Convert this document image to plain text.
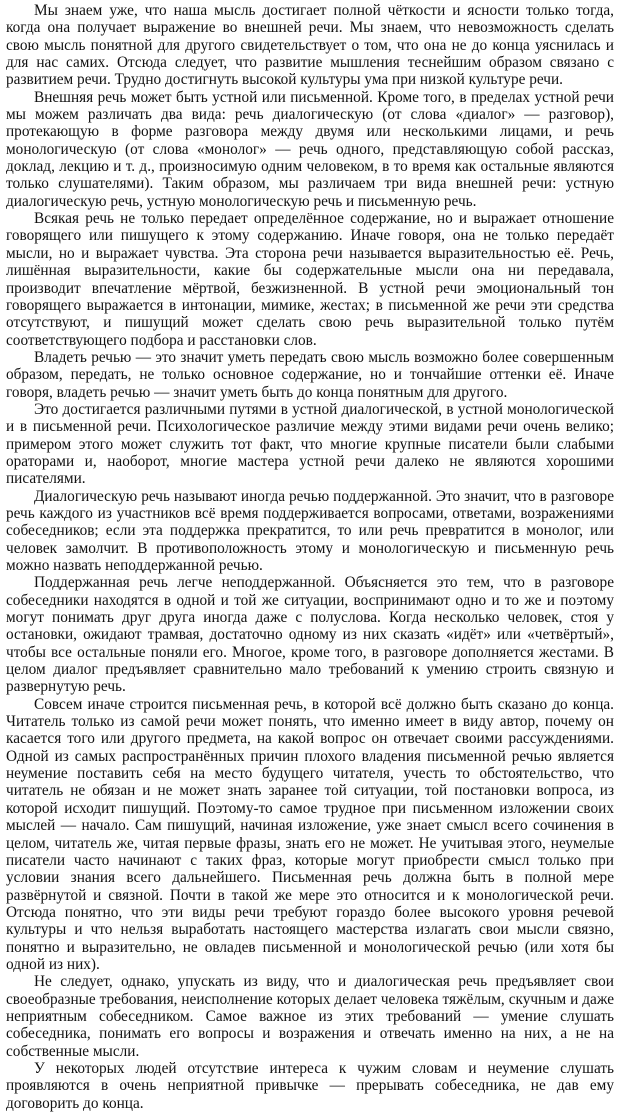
Мы знаем уже, что наша мысль достигает полной чёткости и ясности только тогда, когда она получает выражение во внешней речи. Мы знаем, что невозможность сделать свою мысль понятной для другого свидетельствует о том, что она не до конца уяснилась и для нас самих. Отсюда следует, что развитие мышления теснейшим образом связано с развитием речи. Трудно достигнуть высокой культуры ума при низкой культуре речи.

Внешняя речь может быть устной или письменной. Кроме того, в пределах устной речи мы можем различать два вида: речь диалогическую (от слова «диалог» — разговор), протекающую в форме разговора между двумя или несколькими лицами, и речь монологическую (от слова «монолог» — речь одного, представляющую собой рассказ, доклад, лекцию и т. д., произносимую одним человеком, в то время как остальные являются только слушателями). Таким образом, мы различаем три вида внешней речи: устную диалогическую речь, устную монологическую речь и письменную речь.

Всякая речь не только передает определённое содержание, но и выражает отношение говорящего или пишущего к этому содержанию. Иначе говоря, она не только передаёт мысли, но и выражает чувства. Эта сторона речи называется выразительностью её. Речь, лишённая выразительности, какие бы содержательные мысли она ни передавала, производит впечатление мёртвой, безжизненной. В устной речи эмоциональный тон говорящего выражается в интонации, мимике, жестах; в письменной же речи эти средства отсутствуют, и пишущий может сделать свою речь выразительной только путём соответствующего подбора и расстановки слов.

Владеть речью — это значит уметь передать свою мысль возможно более совершенным образом, передать, не только основное содержание, но и тончайшие оттенки её. Иначе говоря, владеть речью — значит уметь быть до конца понятным для другого.

Это достигается различными путями в устной диалогической, в устной монологической и в письменной речи. Психологическое различие между этими видами речи очень велико; примером этого может служить тот факт, что многие крупные писатели были слабыми ораторами и, наоборот, многие мастера устной речи далеко не являются хорошими писателями.

Диалогическую речь называют иногда речью поддержанной. Это значит, что в разговоре речь каждого из участников всё время поддерживается вопросами, ответами, возражениями собеседников; если эта поддержка прекратится, то или речь превратится в монолог, или человек замолчит. В противоположность этому и монологическую и письменную речь можно назвать неподдержанной речью.

Поддержанная речь легче неподдержанной. Объясняется это тем, что в разговоре собеседники находятся в одной и той же ситуации, воспринимают одно и то же и поэтому могут понимать друг друга иногда даже с полуслова. Когда несколько человек, стоя у остановки, ожидают трамвая, достаточно одному из них сказать «идёт» или «четвёртый», чтобы все остальные поняли его. Многое, кроме того, в разговоре дополняется жестами. В целом диалог предъявляет сравнительно мало требований к умению строить связную и развернутую речь.

Совсем иначе строится письменная речь, в которой всё должно быть сказано до конца. Читатель только из самой речи может понять, что именно имеет в виду автор, почему он касается того или другого предмета, на какой вопрос он отвечает своими рассуждениями. Одной из самых распространённых причин плохого владения письменной речью является неумение поставить себя на место будущего читателя, учесть то обстоятельство, что читатель не обязан и не может знать заранее той ситуации, той постановки вопроса, из которой исходит пишущий. Поэтому-то самое трудное при письменном изложении своих мыслей — начало. Сам пишущий, начиная изложение, уже знает смысл всего сочинения в целом, читатель же, читая первые фразы, знать его не может. Не учитывая этого, неумелые писатели часто начинают с таких фраз, которые могут приобрести смысл только при условии знания всего дальнейшего. Письменная речь должна быть в полной мере развёрнутой и связной. Почти в такой же мере это относится и к монологической речи. Отсюда понятно, что эти виды речи требуют гораздо более высокого уровня речевой культуры и что нельзя выработать настоящего мастерства излагать свои мысли связно, понятно и выразительно, не овладев письменной и монологической речью (или хотя бы одной из них).

Не следует, однако, упускать из виду, что и диалогическая речь предъявляет свои своеобразные требования, неисполнение которых делает человека тяжёлым, скучным и даже неприятным собеседником. Самое важное из этих требований — умение слушать собеседника, понимать его вопросы и возражения и отвечать именно на них, а не на собственные мысли.

У некоторых людей отсутствие интереса к чужим словам и неумение слушать проявляются в очень неприятной привычке — прерывать собеседника, не дав ему договорить до конца.
